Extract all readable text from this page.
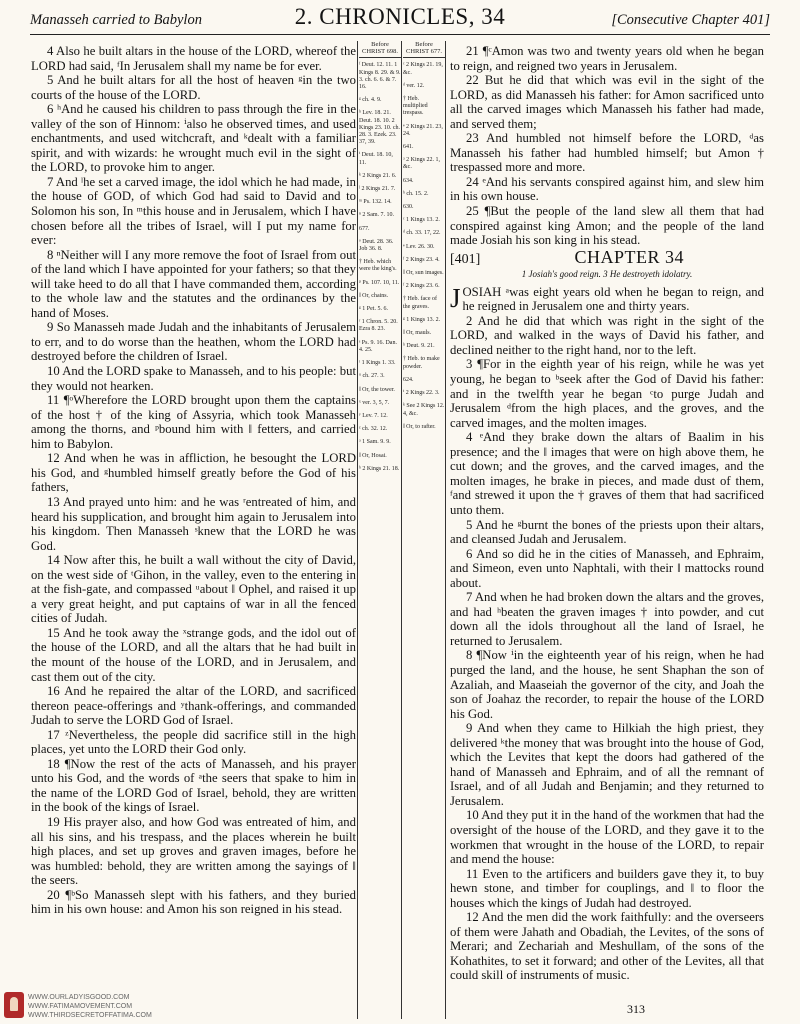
Manasseh carried to Babylon	2. CHRONICLES, 34	[Consecutive Chapter 401]

4 Also he built altars in the house of the LORD, whereof the LORD had said, ᶠIn Jerusalem shall my name be for ever.

5 And he built altars for all the host of heaven ᵍin the two courts of the house of the LORD.

6 ʰAnd he caused his children to pass through the fire in the valley of the son of Hinnom: ⁱalso he observed times, and used enchantments, and used witchcraft, and ᵏdealt with a familiar spirit, and with wizards: he wrought much evil in the sight of the LORD, to provoke him to anger.

7 And ˡhe set a carved image, the idol which he had made, in the house of GOD, of which God had said to David and to Solomon his son, In ᵐthis house and in Jerusalem, which I have chosen before all the tribes of Israel, will I put my name for ever:

8 ⁿNeither will I any more remove the foot of Israel from out of the land which I have appointed for your fathers; so that they will take heed to do all that I have commanded them, according to the whole law and the statutes and the ordinances by the hand of Moses.

9 So Manasseh made Judah and the inhabitants of Jerusalem to err, and to do worse than the heathen, whom the LORD had destroyed before the children of Israel.

10 And the LORD spake to Manasseh, and to his people: but they would not hearken.

11 ¶ᵒWherefore the LORD brought upon them the captains of the host † of the king of Assyria, which took Manasseh among the thorns, and ᵖbound him with ‖ fetters, and carried him to Babylon.

12 And when he was in affliction, he besought the LORD his God, and ᵍhumbled himself greatly before the God of his fathers,

13 And prayed unto him: and he was ʳentreated of him, and heard his supplication, and brought him again to Jerusalem into his kingdom. Then Manasseh ˢknew that the LORD he was God.

14 Now after this, he built a wall without the city of David, on the west side of ᵗGihon, in the valley, even to the entering in at the fish-gate, and compassed ᵘabout ‖ Ophel, and raised it up a very great height, and put captains of war in all the fenced cities of Judah.

15 And he took away the ˣstrange gods, and the idol out of the house of the LORD, and all the altars that he had built in the mount of the house of the LORD, and in Jerusalem, and cast them out of the city.

16 And he repaired the altar of the LORD, and sacrificed thereon peace-offerings and ʸthank-offerings, and commanded Judah to serve the LORD God of Israel.

17 ᶻNevertheless, the people did sacrifice still in the high places, yet unto the LORD their God only.

18 ¶Now the rest of the acts of Manasseh, and his prayer unto his God, and the words of ᵃthe seers that spake to him in the name of the LORD God of Israel, behold, they are written in the book of the kings of Israel.

19 His prayer also, and how God was entreated of him, and all his sins, and his trespass, and the places wherein he built high places, and set up groves and graven images, before he was humbled: behold, they are written among the sayings of ‖ the seers.

20 ¶ᵇSo Manasseh slept with his fathers, and they buried him in his own house: and Amon his son reigned in his stead.

Before CHRIST 698.
ᶠ Deut. 12. 11. 1 Kings 8. 29. & 9. 3. ch. 6. 6. & 7. 16.
ᵍ ch. 4. 9.
ʰ Lev. 18. 21. Deut. 18. 10. 2 Kings 23. 10. ch. 28. 3. Ezek. 23. 37, 39.
ⁱ Deut. 18. 10, 11.
ᵏ 2 Kings 21. 6.
ˡ 2 Kings 21. 7.
ᵐ Ps. 132. 14.
ⁿ 2 Sam. 7. 10.
677.
ᵒ Deut. 28. 36. Job 36. 8.
† Heb. which were the king's.
ᵖ Ps. 107. 10, 11.
‖ Or, chains.
ᵍ 1 Pet. 5. 6.
ʳ 1 Chron. 5. 20. Ezra 8. 23.
ˢ Ps. 9. 16. Dan. 4. 25.
ᵗ 1 Kings 1. 33.
ᵘ ch. 27. 3.
‖ Or, the tower.
ˣ ver. 3, 5, 7.
ʸ Lev. 7. 12.
ᶻ ch. 32. 12.
ᵃ 1 Sam. 9. 9.
‖ Or, Hosai.
ᵇ 2 Kings 21. 18.
Before CHRIST 677.
ᶜ 2 Kings 21. 19, &c.
ᵈ ver. 12.
† Heb. multiplied trespass.
ᵉ 2 Kings 21. 23, 24.
641.
ᵃ 2 Kings 22. 1, &c.
634.
ᵇ ch. 15. 2.
630.
ᶜ 1 Kings 13. 2.
ᵈ ch. 33. 17, 22.
ᵉ Lev. 26. 30.
ᶠ 2 Kings 23. 4.
‖ Or, sun images.
ᶠ 2 Kings 23. 6.
† Heb. face of the graves.
ᵍ 1 Kings 13. 2.
‖ Or, mauls.
ʰ Deut. 9. 21.
† Heb. to make powder.
624.
ⁱ 2 Kings 22. 3.
ᵏ See 2 Kings 12. 4, &c.
‖ Or, to rafter.

21 ¶ᶜAmon was two and twenty years old when he began to reign, and reigned two years in Jerusalem.

22 But he did that which was evil in the sight of the LORD, as did Manasseh his father: for Amon sacrificed unto all the carved images which Manasseh his father had made, and served them;

23 And humbled not himself before the LORD, ᵈas Manasseh his father had humbled himself; but Amon † trespassed more and more.

24 ᵉAnd his servants conspired against him, and slew him in his own house.

25 ¶But the people of the land slew all them that had conspired against king Amon; and the people of the land made Josiah his son king in his stead.

[401]	CHAPTER 34
1 Josiah's good reign. 3 He destroyeth idolatry.

JOSIAH ᵃwas eight years old when he began to reign, and he reigned in Jerusalem one and thirty years.

2 And he did that which was right in the sight of the LORD, and walked in the ways of David his father, and declined neither to the right hand, nor to the left.

3 ¶For in the eighth year of his reign, while he was yet young, he began to ᵇseek after the God of David his father: and in the twelfth year he began ᶜto purge Judah and Jerusalem ᵈfrom the high places, and the groves, and the carved images, and the molten images.

4 ᵉAnd they brake down the altars of Baalim in his presence; and the ‖ images that were on high above them, he cut down; and the groves, and the carved images, and the molten images, he brake in pieces, and made dust of them, ᶠand strewed it upon the † graves of them that had sacrificed unto them.

5 And he ᵍburnt the bones of the priests upon their altars, and cleansed Judah and Jerusalem.

6 And so did he in the cities of Manasseh, and Ephraim, and Simeon, even unto Naphtali, with their ‖ mattocks round about.

7 And when he had broken down the altars and the groves, and had ʰbeaten the graven images † into powder, and cut down all the idols throughout all the land of Israel, he returned to Jerusalem.

8 ¶Now ⁱin the eighteenth year of his reign, when he had purged the land, and the house, he sent Shaphan the son of Azaliah, and Maaseiah the governor of the city, and Joah the son of Joahaz the recorder, to repair the house of the LORD his God.

9 And when they came to Hilkiah the high priest, they delivered ᵏthe money that was brought into the house of God, which the Levites that kept the doors had gathered of the hand of Manasseh and Ephraim, and of all the remnant of Israel, and of all Judah and Benjamin; and they returned to Jerusalem.

10 And they put it in the hand of the workmen that had the oversight of the house of the LORD, and they gave it to the workmen that wrought in the house of the LORD, to repair and mend the house:

11 Even to the artificers and builders gave they it, to buy hewn stone, and timber for couplings, and ‖ to floor the houses which the kings of Judah had destroyed.

12 And the men did the work faithfully: and the overseers of them were Jahath and Obadiah, the Levites, of the sons of Merari; and Zechariah and Meshullam, of the sons of the Kohathites, to set it forward; and other of the Levites, all that could skill of instruments of music.

313
WWW.OURLADYISGOOD.COM
WWW.FATIMAMOVEMENT.COM
WWW.THIRDSECRETOFFATIMA.COM
